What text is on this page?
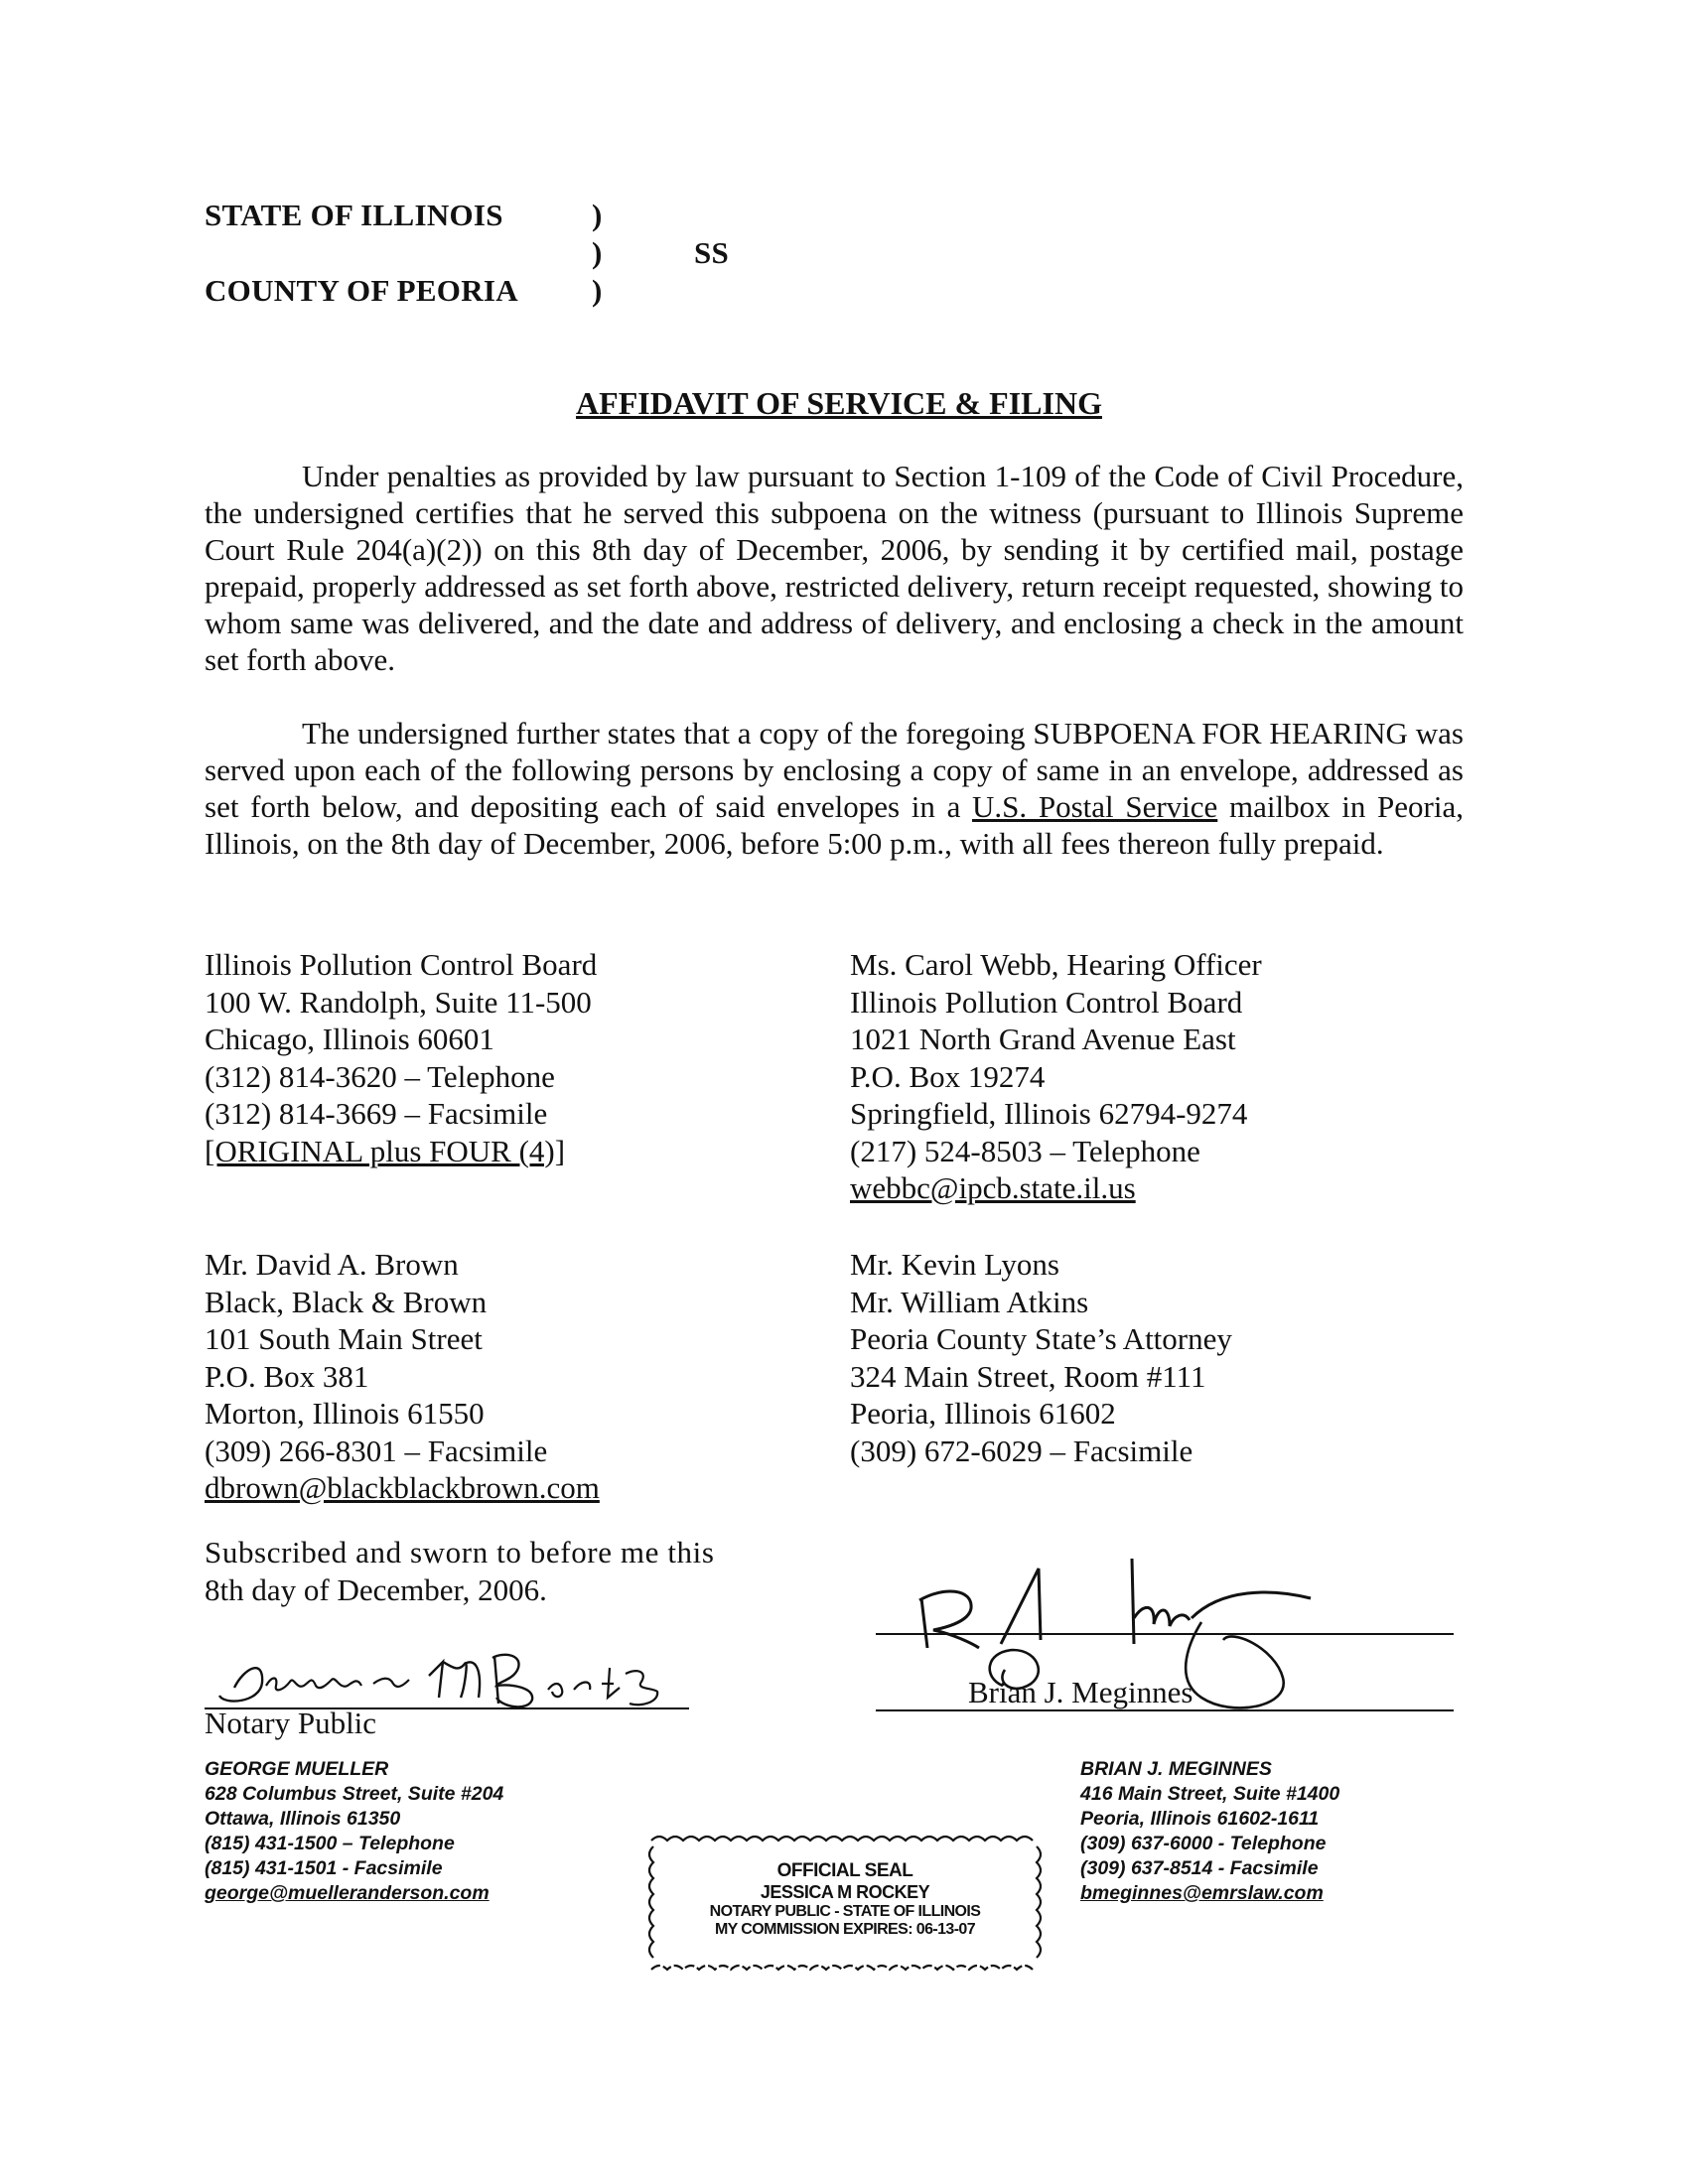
STATE OF ILLINOIS
COUNTY OF PEORIA
)
)
)
SS
AFFIDAVIT OF SERVICE & FILING
Under penalties as provided by law pursuant to Section 1-109 of the Code of Civil Procedure, the undersigned certifies that he served this subpoena on the witness (pursuant to Illinois Supreme Court Rule 204(a)(2)) on this 8th day of December, 2006, by sending it by certified mail, postage prepaid, properly addressed as set forth above, restricted delivery, return receipt requested, showing to whom same was delivered, and the date and address of delivery, and enclosing a check in the amount set forth above.
The undersigned further states that a copy of the foregoing SUBPOENA FOR HEARING was served upon each of the following persons by enclosing a copy of same in an envelope, addressed as set forth below, and depositing each of said envelopes in a U.S. Postal Service mailbox in Peoria, Illinois, on the 8th day of December, 2006, before 5:00 p.m., with all fees thereon fully prepaid.
Illinois Pollution Control Board
100 W. Randolph, Suite 11-500
Chicago, Illinois 60601
(312) 814-3620 – Telephone
(312) 814-3669 – Facsimile
[ORIGINAL plus FOUR (4)]
Ms. Carol Webb, Hearing Officer
Illinois Pollution Control Board
1021 North Grand Avenue East
P.O. Box 19274
Springfield, Illinois 62794-9274
(217) 524-8503 – Telephone
webbc@ipcb.state.il.us
Mr. David A. Brown
Black, Black & Brown
101 South Main Street
P.O. Box 381
Morton, Illinois 61550
(309) 266-8301 – Facsimile
dbrown@blackblackbrown.com
Mr. Kevin Lyons
Mr. William Atkins
Peoria County State’s Attorney
324 Main Street, Room #111
Peoria, Illinois 61602
(309) 672-6029 – Facsimile
Subscribed and sworn to before me this
8th day of December, 2006.
Notary Public
Brian J. Meginnes
GEORGE MUELLER
628 Columbus Street, Suite #204
Ottawa, Illinois 61350
(815) 431-1500 – Telephone
(815) 431-1501 - Facsimile
george@muelleranderson.com
BRIAN J. MEGINNES
416 Main Street, Suite #1400
Peoria, Illinois 61602-1611
(309) 637-6000 - Telephone
(309) 637-8514 - Facsimile
bmeginnes@emrslaw.com
OFFICIAL SEAL
JESSICA M ROCKEY
NOTARY PUBLIC - STATE OF ILLINOIS
MY COMMISSION EXPIRES: 06-13-07
